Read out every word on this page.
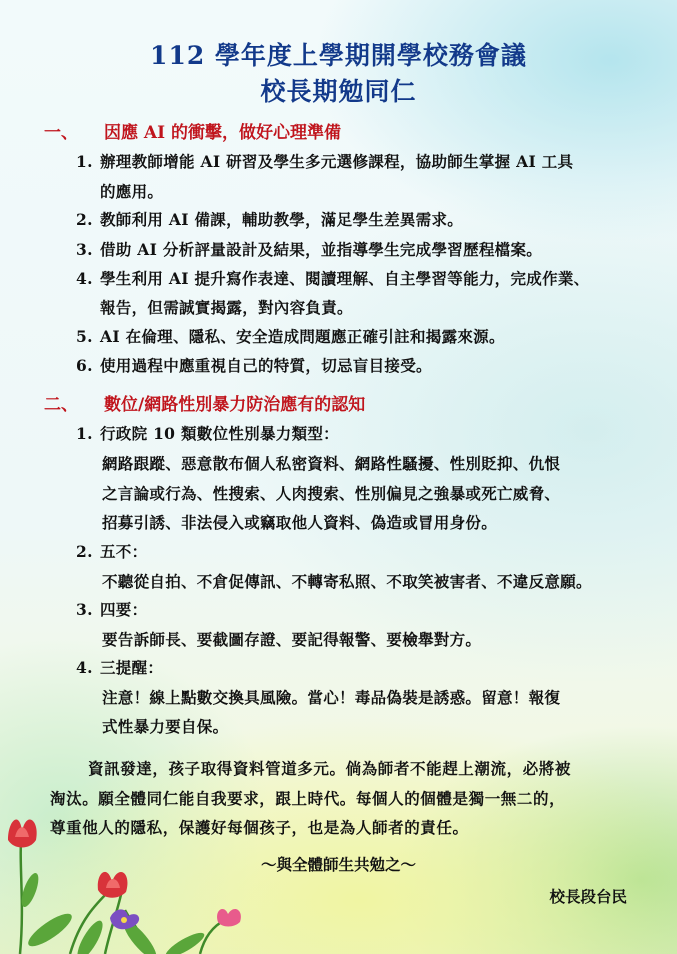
112 學年度上學期開學校務會議
校長期勉同仁
一、 因應 AI 的衝擊，做好心理準備
1. 辦理教師增能 AI 研習及學生多元選修課程，協助師生掌握 AI 工具
的應用。
2. 教師利用 AI 備課，輔助教學，滿足學生差異需求。
3. 借助 AI 分析評量設計及結果，並指導學生完成學習歷程檔案。
4. 學生利用 AI 提升寫作表達、閱讀理解、自主學習等能力，完成作業、
報告，但需誠實揭露，對內容負責。
5. AI 在倫理、隱私、安全造成問題應正確引註和揭露來源。
6. 使用過程中應重視自己的特質，切忌盲目接受。
二、 數位/網路性別暴力防治應有的認知
1. 行政院 10 類數位性別暴力類型：
網路跟蹤、惡意散布個人私密資料、網路性騷擾、性別貶抑、仇恨
之言論或行為、性搜索、人肉搜索、性別偏見之強暴或死亡威脅、
招募引誘、非法侵入或竊取他人資料、偽造或冒用身份。
2. 五不：
不聽從自拍、不倉促傳訊、不轉寄私照、不取笑被害者、不違反意願。
3. 四要：
要告訴師長、要截圖存證、要記得報警、要檢舉對方。
4. 三提醒：
注意！線上點數交換具風險。當心！毒品偽裝是誘惑。留意！報復
式性暴力要自保。
資訊發達，孩子取得資料管道多元。倘為師者不能趕上潮流，必將被
淘汰。願全體同仁能自我要求，跟上時代。每個人的個體是獨一無二的，
尊重他人的隱私，保護好每個孩子，也是為人師者的責任。
～與全體師生共勉之～
校長段台民
